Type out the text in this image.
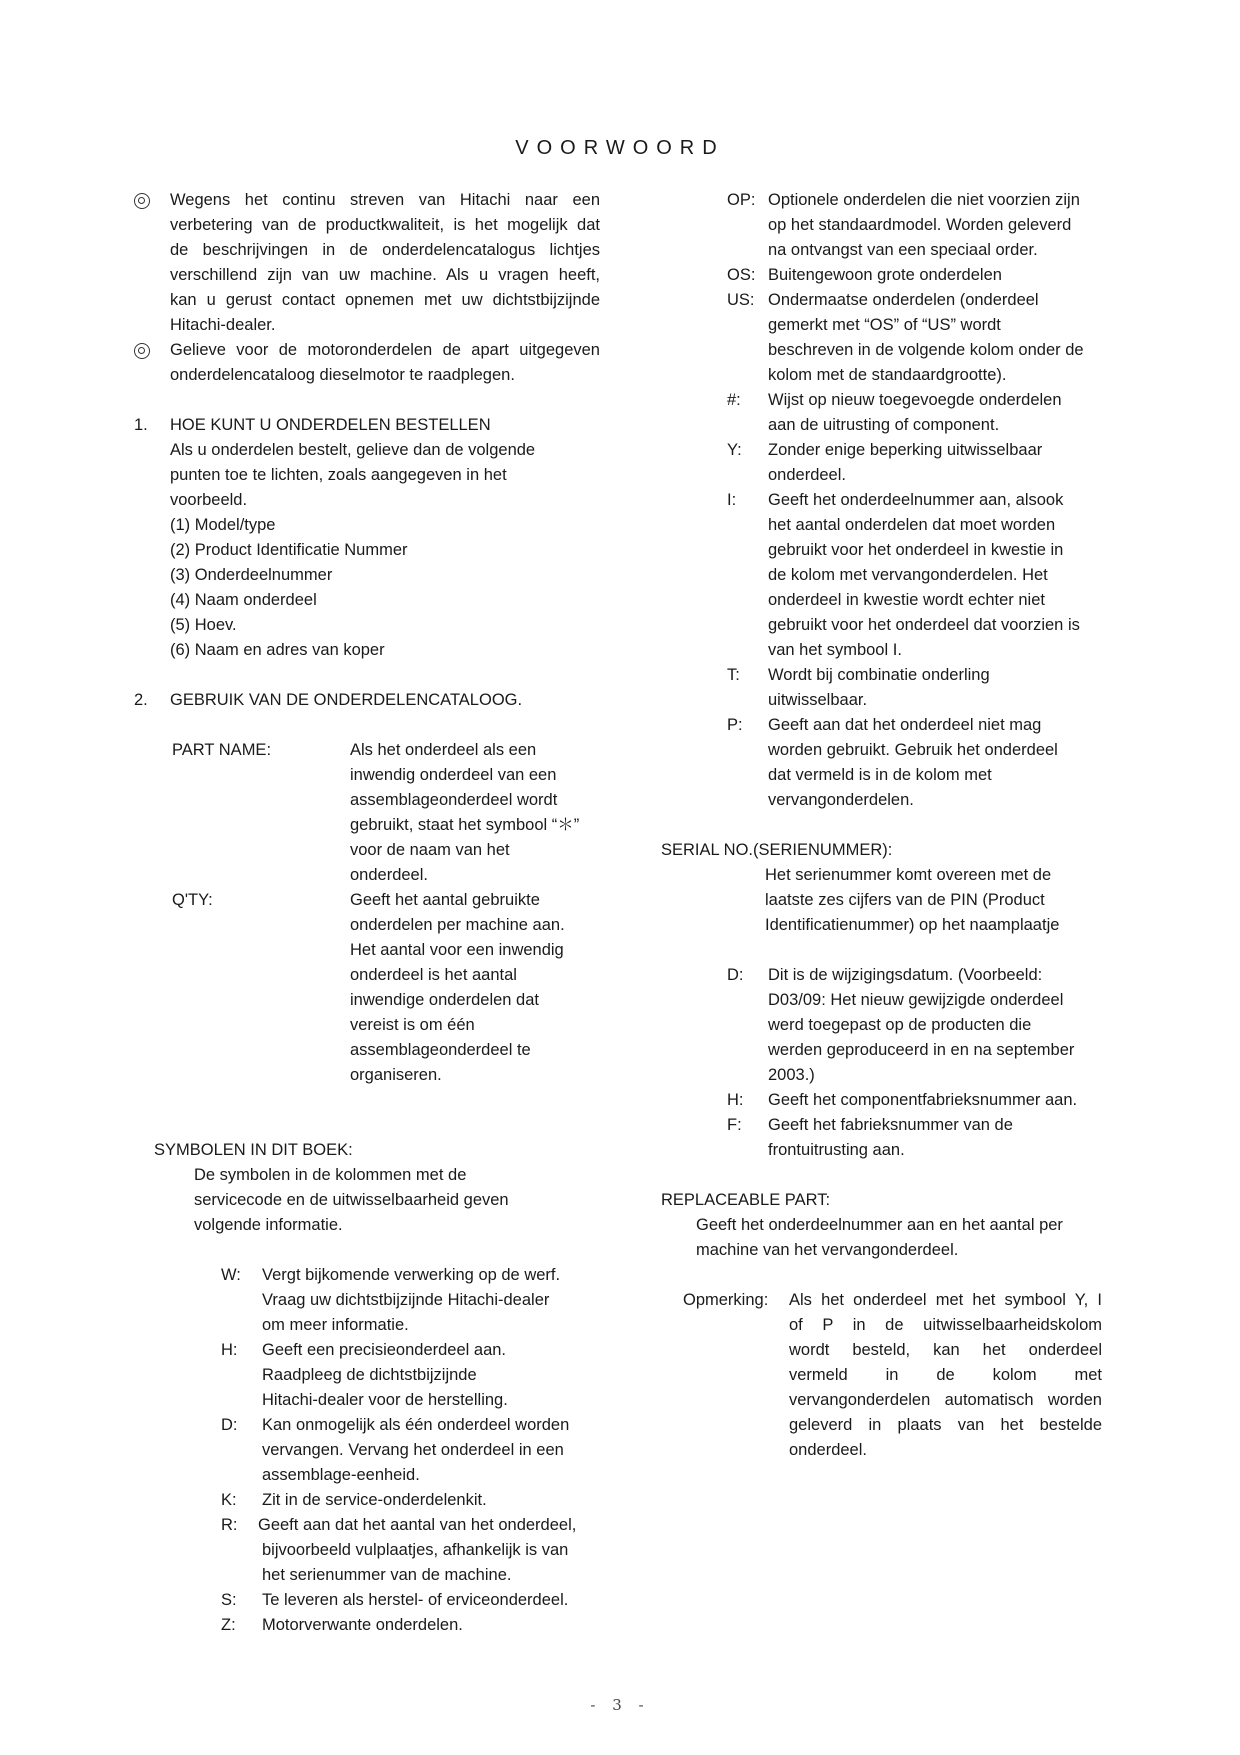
VOORWOORD
Wegens het continu streven van Hitachi naar een
verbetering van de productkwaliteit, is het mogelijk dat
de beschrijvingen in de onderdelencatalogus lichtjes
verschillend zijn van uw machine. Als u vragen heeft,
kan u gerust contact opnemen met uw dichtstbijzijnde
Hitachi-dealer.
Gelieve voor de motoronderdelen de apart uitgegeven
onderdelencataloog dieselmotor te raadplegen.
1. HOE KUNT U ONDERDELEN BESTELLEN
Als u onderdelen bestelt, gelieve dan de volgende
punten toe te lichten, zoals aangegeven in het
voorbeeld.
(1) Model/type
(2) Product Identificatie Nummer
(3) Onderdeelnummer
(4) Naam onderdeel
(5) Hoev.
(6) Naam en adres van koper
2. GEBRUIK VAN DE ONDERDELENCATALOOG.
PART NAME:	Als het onderdeel als een
inwendig onderdeel van een
assemblageonderdeel wordt
gebruikt, staat het symbool “＊”
voor de naam van het
onderdeel.
Q'TY:	Geeft het aantal gebruikte
onderdelen per machine aan.
Het aantal voor een inwendig
onderdeel is het aantal
inwendige onderdelen dat
vereist is om één
assemblageonderdeel te
organiseren.
SYMBOLEN IN DIT BOEK:
De symbolen in de kolommen met de
servicecode en de uitwisselbaarheid geven
volgende informatie.
W: Vergt bijkomende verwerking op de werf.
Vraag uw dichtstbijzijnde Hitachi-dealer
om meer informatie.
H: Geeft een precisieonderdeel aan.
Raadpleeg de dichtstbijzijnde
Hitachi-dealer voor de herstelling.
D: Kan onmogelijk als één onderdeel worden
vervangen. Vervang het onderdeel in een
assemblage-eenheid.
K: Zit in de service-onderdelenkit.
R: Geeft aan dat het aantal van het onderdeel,
bijvoorbeeld vulplaatjes, afhankelijk is van
het serienummer van de machine.
S: Te leveren als herstel- of erviceonderdeel.
Z: Motorverwante onderdelen.
OP: Optionele onderdelen die niet voorzien zijn
op het standaardmodel. Worden geleverd
na ontvangst van een speciaal order.
OS: Buitengewoon grote onderdelen
US: Ondermaatse onderdelen (onderdeel
gemerkt met “OS” of “US” wordt
beschreven in de volgende kolom onder de
kolom met de standaardgrootte).
#: Wijst op nieuw toegevoegde onderdelen
aan de uitrusting of component.
Y: Zonder enige beperking uitwisselbaar
onderdeel.
I: Geeft het onderdeelnummer aan, alsook
het aantal onderdelen dat moet worden
gebruikt voor het onderdeel in kwestie in
de kolom met vervangonderdelen. Het
onderdeel in kwestie wordt echter niet
gebruikt voor het onderdeel dat voorzien is
van het symbool I.
T: Wordt bij combinatie onderling
uitwisselbaar.
P: Geeft aan dat het onderdeel niet mag
worden gebruikt. Gebruik het onderdeel
dat vermeld is in de kolom met
vervangonderdelen.
SERIAL NO.(SERIENUMMER):
Het serienummer komt overeen met de
laatste zes cijfers van de PIN (Product
Identificatienummer) op het naamplaatje
D: Dit is de wijzigingsdatum. (Voorbeeld:
D03/09: Het nieuw gewijzigde onderdeel
werd toegepast op de producten die
werden geproduceerd in en na september
2003.)
H: Geeft het componentfabrieksnummer aan.
F: Geeft het fabrieksnummer van de
frontuitrusting aan.
REPLACEABLE PART:
Geeft het onderdeelnummer aan en het aantal per
machine van het vervangonderdeel.
Opmerking: Als het onderdeel met het symbool Y, I
of P in de uitwisselbaarheidskolom
wordt besteld, kan het onderdeel
vermeld in de kolom met
vervangonderdelen automatisch worden
geleverd in plaats van het bestelde
onderdeel.
- 3 -
